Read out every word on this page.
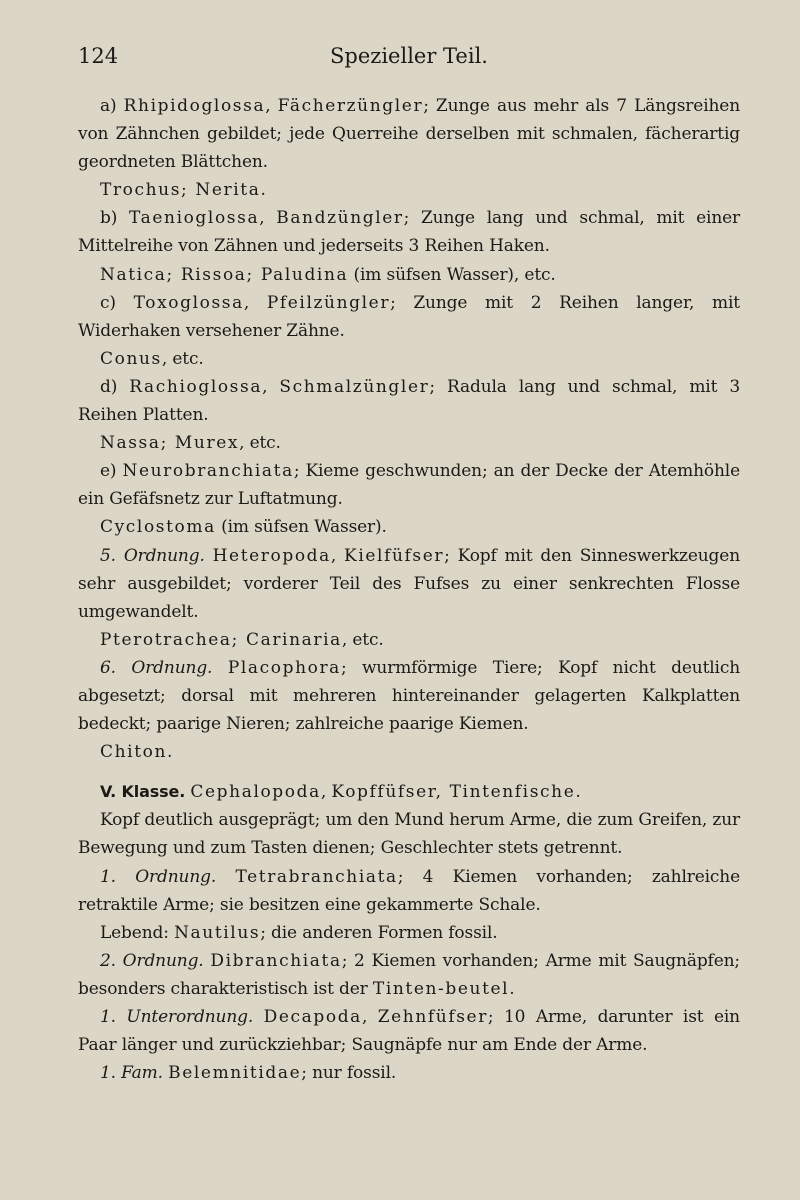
124	Spezieller Teil.

a) Rhipidoglossa, Fächerzüngler; Zunge aus mehr als 7 Längsreihen von Zähnchen gebildet; jede Querreihe derselben mit schmalen, fächerartig geordneten Blättchen.

Trochus; Nerita.

b) Taenioglossa, Bandzüngler; Zunge lang und schmal, mit einer Mittelreihe von Zähnen und jederseits 3 Reihen Haken.

Natica; Rissoa; Paludina (im süfsen Wasser), etc.

c) Toxoglossa, Pfeilzüngler; Zunge mit 2 Reihen langer, mit Widerhaken versehener Zähne.

Conus, etc.

d) Rachioglossa, Schmalzüngler; Radula lang und schmal, mit 3 Reihen Platten.

Nassa; Murex, etc.

e) Neurobranchiata; Kieme geschwunden; an der Decke der Atemhöhle ein Gefäfsnetz zur Luftatmung.

Cyclostoma (im süfsen Wasser).

5. Ordnung. Heteropoda, Kielfüfser; Kopf mit den Sinneswerkzeugen sehr ausgebildet; vorderer Teil des Fufses zu einer senkrechten Flosse umgewandelt.

Pterotrachea; Carinaria, etc.

6. Ordnung. Placophora; wurmförmige Tiere; Kopf nicht deutlich abgesetzt; dorsal mit mehreren hintereinander gelagerten Kalkplatten bedeckt; paarige Nieren; zahlreiche paarige Kiemen.

Chiton.

V. Klasse. Cephalopoda, Kopffüfser, Tintenfische.

Kopf deutlich ausgeprägt; um den Mund herum Arme, die zum Greifen, zur Bewegung und zum Tasten dienen; Geschlechter stets getrennt.

1. Ordnung. Tetrabranchiata; 4 Kiemen vorhanden; zahlreiche retraktile Arme; sie besitzen eine gekammerte Schale.

Lebend: Nautilus; die anderen Formen fossil.

2. Ordnung. Dibranchiata; 2 Kiemen vorhanden; Arme mit Saugnäpfen; besonders charakteristisch ist der Tinten-beutel.

1. Unterordnung. Decapoda, Zehnfüfser; 10 Arme, darunter ist ein Paar länger und zurückziehbar; Saugnäpfe nur am Ende der Arme.

1. Fam. Belemnitidae; nur fossil.
